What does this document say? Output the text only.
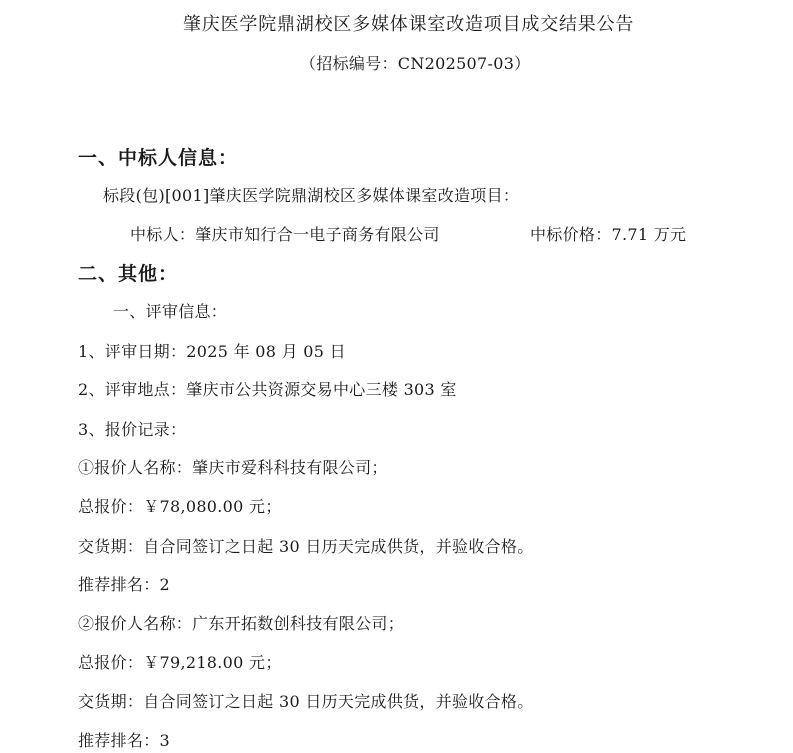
肇庆医学院鼎湖校区多媒体课室改造项目成交结果公告
（招标编号：CN202507-03）
一、中标人信息：
标段(包)[001]肇庆医学院鼎湖校区多媒体课室改造项目：
中标人：肇庆市知行合一电子商务有限公司	中标价格：7.71 万元
二、其他：
一、评审信息：
1、评审日期：2025 年 08 月 05 日
2、评审地点：肇庆市公共资源交易中心三楼 303 室
3、报价记录：
①报价人名称：肇庆市爱科科技有限公司；
总报价：￥78,080.00 元；
交货期：自合同签订之日起 30 日历天完成供货，并验收合格。
推荐排名：2
②报价人名称：广东开拓数创科技有限公司；
总报价：￥79,218.00 元；
交货期：自合同签订之日起 30 日历天完成供货，并验收合格。
推荐排名：3
